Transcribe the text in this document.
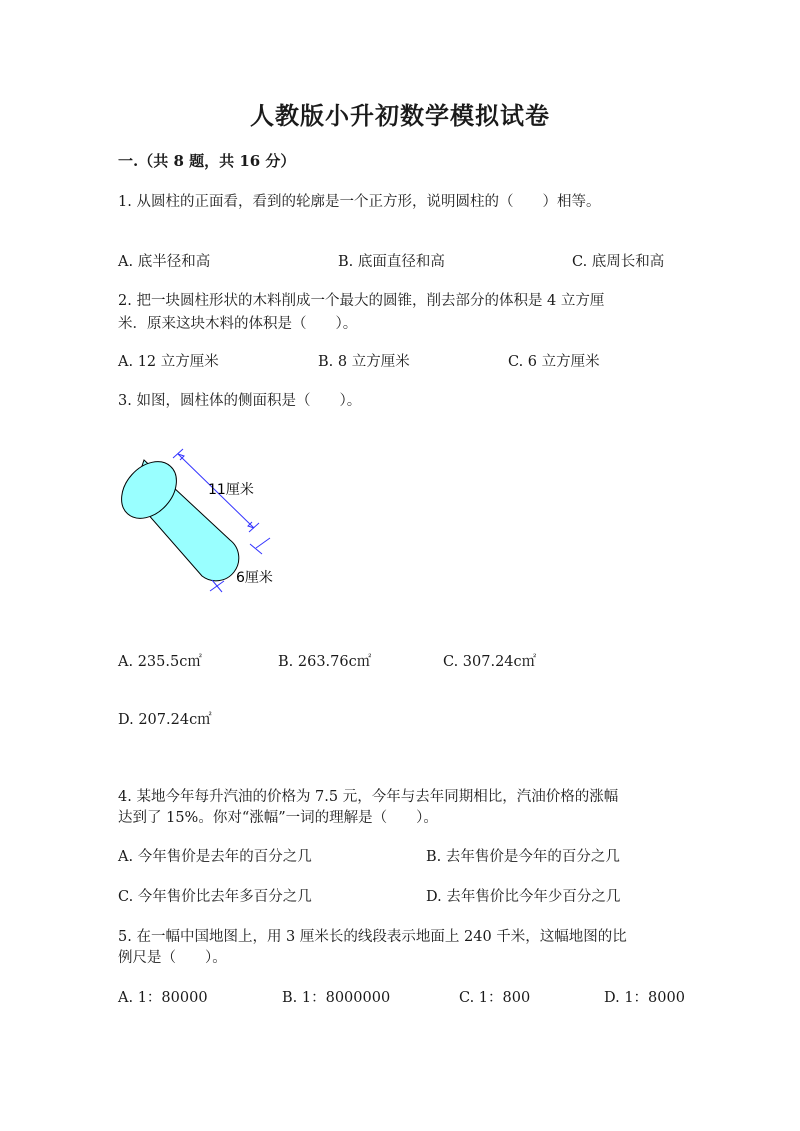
人教版小升初数学模拟试卷
一.（共 8 题，共 16 分）
1. 从圆柱的正面看，看到的轮廓是一个正方形，说明圆柱的（　　）相等。
A. 底半径和高	B. 底面直径和高	C. 底周长和高
2. 把一块圆柱形状的木料削成一个最大的圆锥，削去部分的体积是 4 立方厘
米．原来这块木料的体积是（　　）。
A. 12 立方厘米	B. 8 立方厘米	C. 6 立方厘米
3. 如图，圆柱体的侧面积是（　　）。
11厘米
6厘米
A. 235.5c㎡	B. 263.76c㎡	C. 307.24c㎡
D. 207.24c㎡
4. 某地今年每升汽油的价格为 7.5 元，今年与去年同期相比，汽油价格的涨幅
达到了 15%。你对“涨幅”一词的理解是（　　）。
A. 今年售价是去年的百分之几	B. 去年售价是今年的百分之几
C. 今年售价比去年多百分之几	D. 去年售价比今年少百分之几
5. 在一幅中国地图上，用 3 厘米长的线段表示地面上 240 千米，这幅地图的比
例尺是（　　）。
A. 1：80000	B. 1：8000000	C. 1：800	D. 1：8000
